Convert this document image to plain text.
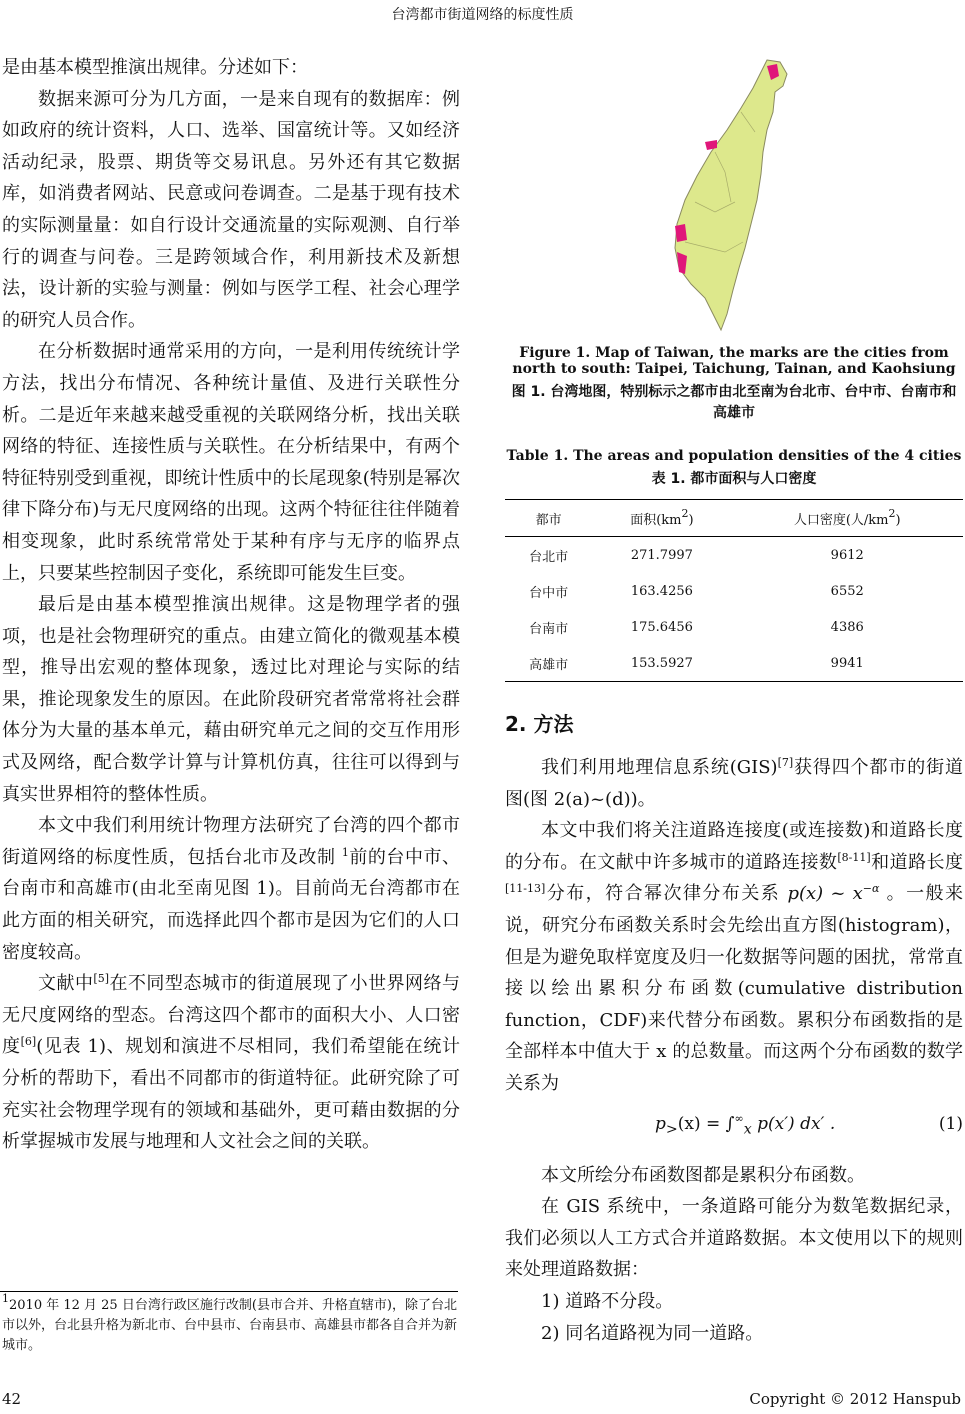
台湾都市街道网络的标度性质

是由基本模型推演出规律。分述如下：

数据来源可分为几方面，一是来自现有的数据库：例如政府的统计资料，人口、选举、国富统计等。又如经济活动纪录，股票、期货等交易讯息。另外还有其它数据库，如消费者网站、民意或问卷调查。二是基于现有技术的实际测量量：如自行设计交通流量的实际观测、自行举行的调查与问卷。三是跨领域合作，利用新技术及新想法，设计新的实验与测量：例如与医学工程、社会心理学的研究人员合作。

在分析数据时通常采用的方向，一是利用传统统计学方法，找出分布情况、各种统计量值、及进行关联性分析。二是近年来越来越受重视的关联网络分析，找出关联网络的特征、连接性质与关联性。在分析结果中，有两个特征特别受到重视，即统计性质中的长尾现象(特别是幂次律下降分布)与无尺度网络的出现。这两个特征往往伴随着相变现象，此时系统常常处于某种有序与无序的临界点上，只要某些控制因子变化，系统即可能发生巨变。

最后是由基本模型推演出规律。这是物理学者的强项，也是社会物理研究的重点。由建立简化的微观基本模型，推导出宏观的整体现象，透过比对理论与实际的结果，推论现象发生的原因。在此阶段研究者常常将社会群体分为大量的基本单元，藉由研究单元之间的交互作用形式及网络，配合数学计算与计算机仿真，往往可以得到与真实世界相符的整体性质。

本文中我们利用统计物理方法研究了台湾的四个都市街道网络的标度性质，包括台北市及改制 $^1$前的台中市、台南市和高雄市(由北至南见图 1)。目前尚无台湾都市在此方面的相关研究，而选择此四个都市是因为它们的人口密度较高。

文献中[5]在不同型态城市的街道展现了小世界网络与无尺度网络的型态。台湾这四个都市的面积大小、人口密度[6](见表 1)、规划和演进不尽相同，我们希望能在统计分析的帮助下，看出不同都市的街道特征。此研究除了可充实社会物理学现有的领域和基础外，更可藉由数据的分析掌握城市发展与地理和人文社会之间的关联。

$^1$2010 年 12 月 25 日台湾行政区施行改制(县市合并、升格直辖市)，除了台北市以外，台北县升格为新北市、台中县市、台南县市、高雄县市都各自合并为新城市。
Figure 1. Map of Taiwan, the marks are the cities from north to south: Taipei, Taichung, Tainan, and Kaohsiung
图 1. 台湾地图，特别标示之都市由北至南为台北市、台中市、台南市和高雄市
Table 1. The areas and population densities of the 4 cities
表 1. 都市面积与人口密度
都市	面积$(km^2)$	人口密度(人$/km^2$)
台北市	271.7997	9612
台中市	163.4256	6552
台南市	175.6456	4386
高雄市	153.5927	9941
2. 方法

我们利用地理信息系统(GIS)[7]获得四个都市的街道图(图 2(a)~(d))。

本文中我们将关注道路连接度(或连接数)和道路长度的分布。在文献中许多城市的道路连接数[8-11]和道路长度[11-13]分布，符合幂次律分布关系 p(x) ~ $x^{-\alpha}$ 。一般来说，研究分布函数关系时会先绘出直方图(histogram)，但是为避免取样宽度及归一化数据等问题的困扰，常常直接以绘出累积分布函数(cumulative distribution function，CDF)来代替分布函数。累积分布函数指的是全部样本中值大于 x 的总数量。而这两个分布函数的数学关系为

$p_>(x) = \int^\infty_x$ p(x′) dx′ .	(1)

本文所绘分布函数图都是累积分布函数。

在 GIS 系统中，一条道路可能分为数笔数据纪录，我们必须以人工方式合并道路数据。本文使用以下的规则来处理道路数据：

1) 道路不分段。

2) 同名道路视为同一道路。

42	Copyright © 2012 Hanspub
